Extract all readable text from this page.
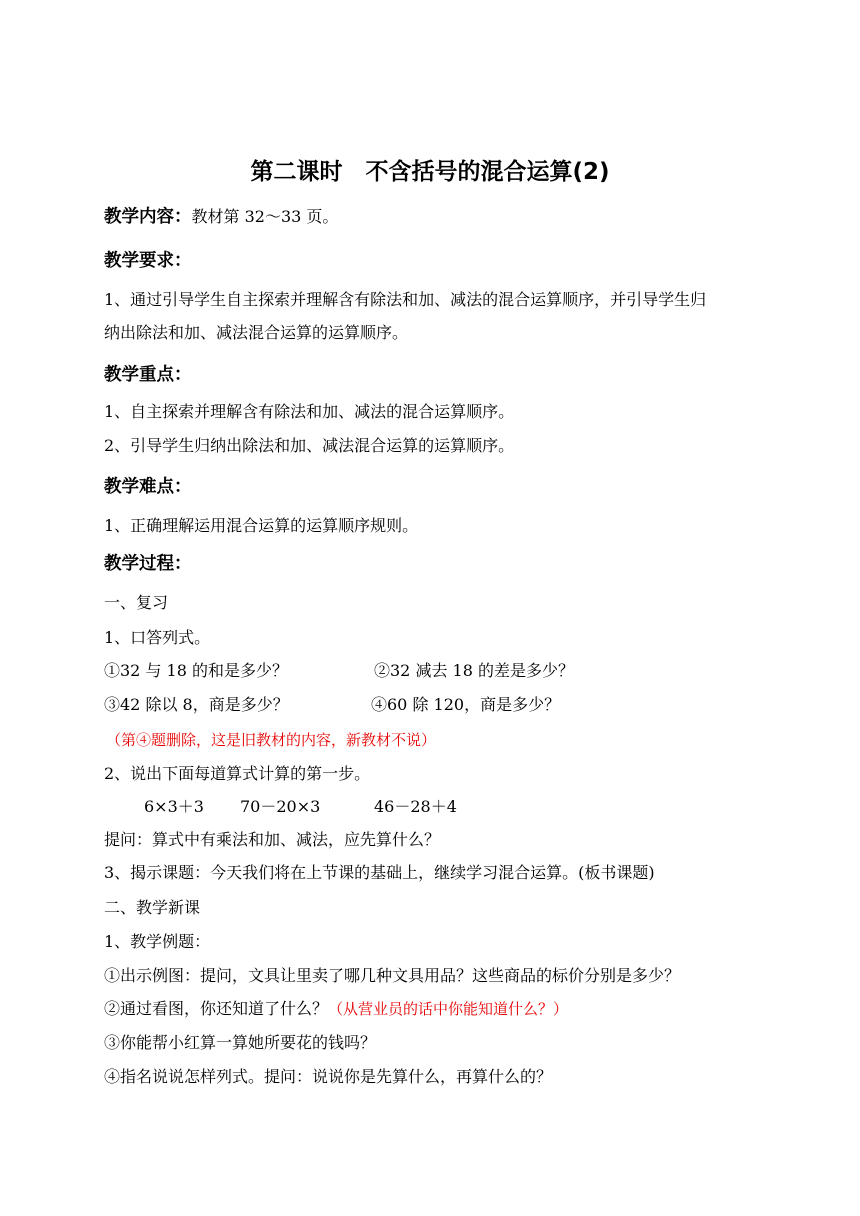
第二课时　不含括号的混合运算(2)
教学内容：教材第 32～33 页。
教学要求：
1、通过引导学生自主探索并理解含有除法和加、减法的混合运算顺序，并引导学生归
纳出除法和加、减法混合运算的运算顺序。
教学重点：
1、自主探索并理解含有除法和加、减法的混合运算顺序。
2、引导学生归纳出除法和加、减法混合运算的运算顺序。
教学难点：
1、正确理解运用混合运算的运算顺序规则。
教学过程：
一、复习
1、口答列式。
①32 与 18 的和是多少？	②32 减去 18 的差是多少？
③42 除以 8，商是多少？	④60 除 120，商是多少？
（第④题删除，这是旧教材的内容，新教材不说）
2、说出下面每道算式计算的第一步。
6×3＋3 70－20×3	46－28＋4
提问：算式中有乘法和加、减法，应先算什么？
3、揭示课题：今天我们将在上节课的基础上，继续学习混合运算。(板书课题)
二、教学新课
1、教学例题：
①出示例图：提问，文具让里卖了哪几种文具用品？这些商品的标价分别是多少？
②通过看图，你还知道了什么？（从营业员的话中你能知道什么？）
③你能帮小红算一算她所要花的钱吗？
④指名说说怎样列式。提问：说说你是先算什么，再算什么的？
